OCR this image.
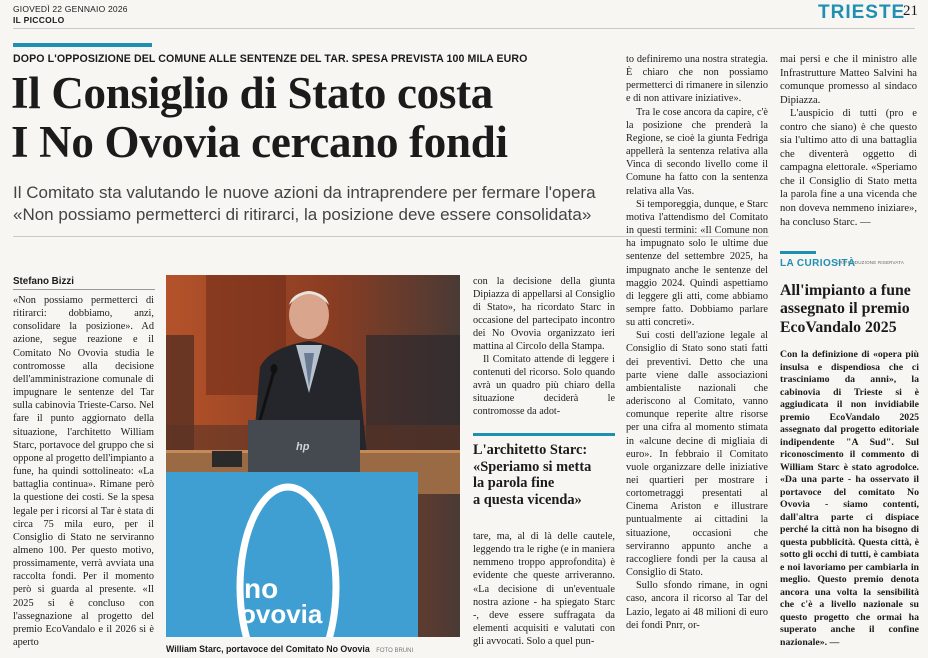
GIOVEDÌ 22 GENNAIO 2026
IL PICCOLO	TRIESTE
21
DOPO L'OPPOSIZIONE DEL COMUNE ALLE SENTENZE DEL TAR. SPESA PREVISTA 100 MILA EURO
Il Consiglio di Stato costa
I No Ovovia cercano fondi
Il Comitato sta valutando le nuove azioni da intraprendere per fermare l'opera
«Non possiamo permetterci di ritirarci, la posizione deve essere consolidata»
Stefano Bizzi

«Non possiamo permetterci di ritirarci: dobbiamo, anzi, consolidare la posizione». Ad azione, segue reazione e il Comitato No Ovovia studia le contromosse alla decisione dell'amministrazione comunale di impugnare le sentenze del Tar sulla cabinovia Trieste-Carso. Nel fare il punto aggiornato della situazione, l'architetto William Starc, portavoce del gruppo che si oppone al progetto dell'impianto a fune, ha quindi sottolineato: «La battaglia continua». Rimane però la questione dei costi. Se la spesa legale per i ricorsi al Tar è stata di circa 75 mila euro, per il Consiglio di Stato ne serviranno almeno 100. Per questo motivo, prossimamente, verrà avviata una raccolta fondi. Per il momento però si guarda al presente. «Il 2025 si è concluso con l'assegnazione al progetto del premio EcoVandalo e il 2026 si è aperto

no
ovovia
hp
William Starc, portavoce del Comitato No Ovovia FOTO BRUNI

con la decisione della giunta Dipiazza di appellarsi al Consiglio di Stato», ha ricordato Starc in occasione del partecipato incontro dei No Ovovia organizzato ieri mattina al Circolo della Stampa.

Il Comitato attende di leggere i contenuti del ricorso. Solo quando avrà un quadro più chiaro della situazione deciderà le contromosse da adot-

L'architetto Starc:
«Speriamo si metta
la parola fine
a questa vicenda»

tare, ma, al di là delle cautele, leggendo tra le righe (e in maniera nemmeno troppo approfondita) è evidente che queste arriveranno. «La decisione di un'eventuale nostra azione - ha spiegato Starc -, deve essere suffragata da elementi acquisiti e valutati con gli avvocati. Solo a quel pun-

to definiremo una nostra strategia. È chiaro che non possiamo permetterci di rimanere in silenzio e di non attivare iniziative».

Tra le cose ancora da capire, c'è la posizione che prenderà la Regione, se cioè la giunta Fedriga appellerà la sentenza relativa alla Vinca di secondo livello come il Comune ha fatto con la sentenza relativa alla Vas.

Si temporeggia, dunque, e Starc motiva l'attendismo del Comitato in questi termini: «Il Comune non ha impugnato solo le ultime due sentenze del settembre 2025, ha impugnato anche le sentenze del maggio 2024. Quindi aspettiamo di leggere gli atti, come abbiamo sempre fatto. Dobbiamo parlare su atti concreti».

Sui costi dell'azione legale al Consiglio di Stato sono stati fatti dei preventivi. Detto che una parte viene dalle associazioni ambientaliste nazionali che aderiscono al Comitato, vanno comunque reperite altre risorse per una cifra al momento stimata in «alcune decine di migliaia di euro». In febbraio il Comitato vuole organizzare delle iniziative nei quartieri per mostrare i cortometraggi presentati al Cinema Ariston e illustrare puntualmente ai cittadini la situazione, occasioni che serviranno appunto anche a raccogliere fondi per la causa al Consiglio di Stato.

Sullo sfondo rimane, in ogni caso, ancora il ricorso al Tar del Lazio, legato ai 48 milioni di euro dei fondi Pnrr, or-

mai persi e che il ministro alle Infrastrutture Matteo Salvini ha comunque promesso al sindaco Dipiazza.

L'auspicio di tutti (pro e contro che siano) è che questo sia l'ultimo atto di una battaglia che diventerà oggetto di campagna elettorale. «Speriamo che il Consiglio di Stato metta la parola fine a una vicenda che non doveva nemmeno iniziare», ha concluso Starc. —

©RIPRODUZIONE RISERVATA
LA CURIOSITÀ
All'impianto a fune
assegnato il premio
EcoVandalo 2025

Con la definizione di «opera più insulsa e dispendiosa che ci trasciniamo da anni», la cabinovia di Trieste si è aggiudicata il non invidiabile premio EcoVandalo 2025 assegnato dal progetto editoriale indipendente "A Sud". Sul riconoscimento il commento di William Starc è stato agrodolce. «Da una parte - ha osservato il portavoce del comitato No Ovovia - siamo contenti, dall'altra parte ci dispiace perché la città non ha bisogno di questa pubblicità. Questa città, è sotto gli occhi di tutti, è cambiata e noi lavoriamo per cambiarla in meglio. Questo premio denota ancora una volta la sensibilità che c'è a livello nazionale su questo progetto che ormai ha superato anche il confine nazionale». —
